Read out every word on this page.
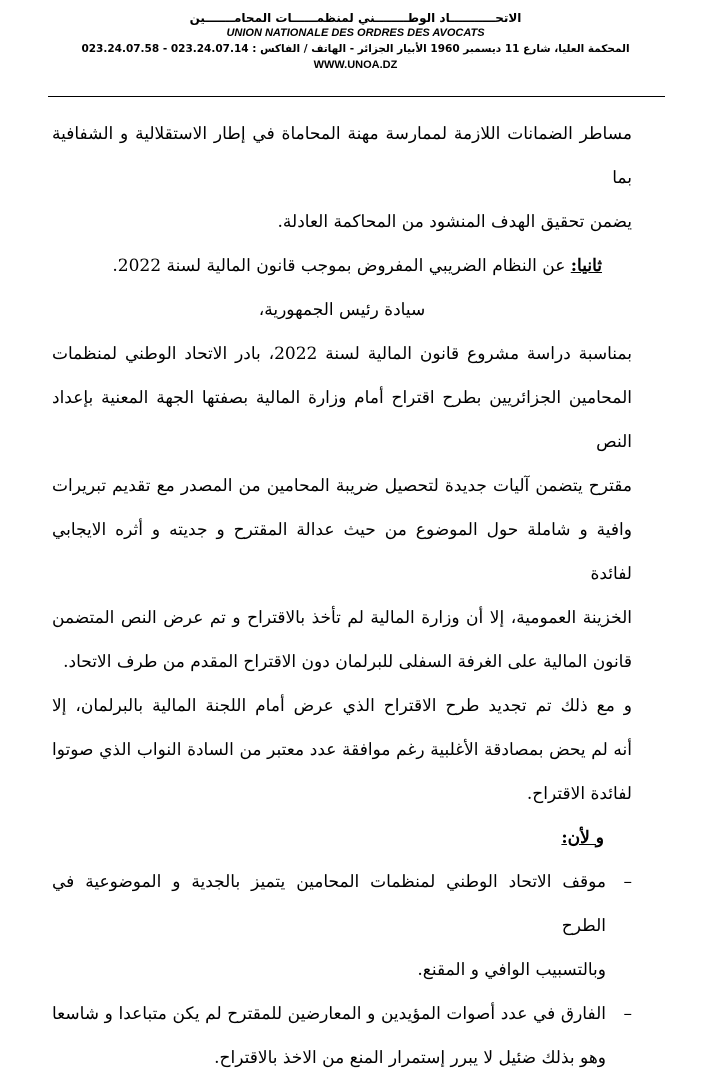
الاتحـــــــــــاد الوطــــــــني لمنظمــــــات المحامـــــــين
UNION NATIONALE DES ORDRES DES AVOCATS
المحكمة العليا، شارع 11 ديسمبر 1960 الأبيار الجزائر - الهاتف / الفاكس : 023.24.07.14 - 023.24.07.58
WWW.UNOA.DZ

مساطر الضمانات اللازمة لممارسة مهنة المحاماة في إطار الاستقلالية و الشفافية بما
يضمن تحقيق الهدف المنشود من المحاكمة العادلة.

ثانيا: عن النظام الضريبي المفروض بموجب قانون المالية لسنة 2022.

سيادة رئيس الجمهورية،

بمناسبة دراسة مشروع قانون المالية لسنة 2022، بادر الاتحاد الوطني لمنظمات
المحامين الجزائريين بطرح اقتراح أمام وزارة المالية بصفتها الجهة المعنية بإعداد النص
مقترح يتضمن آليات جديدة لتحصيل ضريبة المحامين من المصدر مع تقديم تبريرات
وافية و شاملة حول الموضوع من حيث عدالة المقترح و جديته و أثره الايجابي لفائدة
الخزينة العمومية، إلا أن وزارة المالية لم تأخذ بالاقتراح و تم عرض النص المتضمن
قانون المالية على الغرفة السفلى للبرلمان دون الاقتراح المقدم من طرف الاتحاد.

و مع ذلك تم تجديد طرح الاقتراح الذي عرض أمام اللجنة المالية بالبرلمان، إلا
أنه لم يحض بمصادقة الأغلبية رغم موافقة عدد معتبر من السادة النواب الذي صوتوا
لفائدة الاقتراح.

و لأن:

–
موقف الاتحاد الوطني لمنظمات المحامين يتميز بالجدية و الموضوعية في الطرح
وبالتسبيب الوافي و المقنع.
–
الفارق في عدد أصوات المؤيدين و المعارضين للمقترح لم يكن متباعدا و شاسعا
وهو بذلك ضئيل لا يبرر إستمرار المنع من الاخذ بالاقتراح.
